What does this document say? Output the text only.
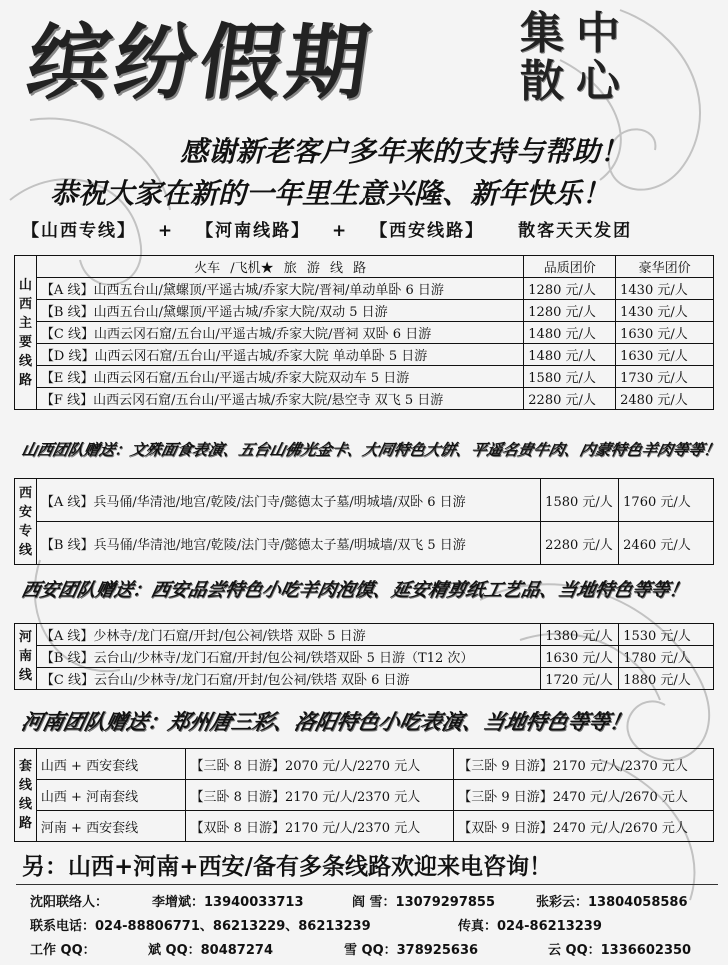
缤纷假期	集中
散心
感谢新老客户多年来的支持与帮助！
恭祝大家在新的一年里生意兴隆、新年快乐！
【山西专线】 + 【河南线路】 + 【西安线路】 散客天天发团
山西主要线路	火车 /飞机★ 旅 游 线 路	品质团价	豪华团价
	【A 线】山西五台山/黛螺顶/平遥古城/乔家大院/晋祠/单动单卧 6 日游	1280 元/人	1430 元/人
	【B 线】山西五台山/黛螺顶/平遥古城/乔家大院/双动 5 日游	1280 元/人	1430 元/人
	【C 线】山西云冈石窟/五台山/平遥古城/乔家大院/晋祠 双卧 6 日游	1480 元/人	1630 元/人
	【D 线】山西云冈石窟/五台山/平遥古城/乔家大院 单动单卧 5 日游	1480 元/人	1630 元/人
	【E 线】山西云冈石窟/五台山/平遥古城/乔家大院双动车 5 日游	1580 元/人	1730 元/人
	【F 线】山西云冈石窟/五台山/平遥古城/乔家大院/悬空寺 双飞 5 日游	2280 元/人	2480 元/人
山西团队赠送：文殊面食表演、五台山佛光金卡、大同特色大饼、平遥名贵牛肉、内蒙特色羊肉等等！
西安专线	【A 线】兵马俑/华清池/地宫/乾陵/法门寺/懿德太子墓/明城墙/双卧 6 日游	1580 元/人	1760 元/人
	【B 线】兵马俑/华清池/地宫/乾陵/法门寺/懿德太子墓/明城墙/双飞 5 日游	2280 元/人	2460 元/人
西安团队赠送：西安品尝特色小吃羊肉泡馍、延安精剪纸工艺品、当地特色等等！
河南线	【A 线】少林寺/龙门石窟/开封/包公祠/铁塔 双卧 5 日游	1380 元/人	1530 元/人
	【B 线】云台山/少林寺/龙门石窟/开封/包公祠/铁塔双卧 5 日游（T12 次）	1630 元/人	1780 元/人
	【C 线】云台山/少林寺/龙门石窟/开封/包公祠/铁塔 双卧 6 日游	1720 元/人	1880 元/人
河南团队赠送：郑州唐三彩、洛阳特色小吃表演、当地特色等等！
套线线路	山西 + 西安套线	【三卧 8 日游】2070 元/人/2270 元人	【三卧 9 日游】2170 元/人/2370 元人
	山西 + 河南套线	【三卧 8 日游】2170 元/人/2370 元人	【三卧 9 日游】2470 元/人/2670 元人
	河南 + 西安套线	【双卧 8 日游】2170 元/人/2370 元人	【双卧 9 日游】2470 元/人/2670 元人
另：山西+河南+西安/备有多条线路欢迎来电咨询！
沈阳联络人：	李增斌：13940033713	阎 雪：13079297855	张彩云：13804058586
联系电话：024-88806771、86213229、86213239	传真：024-86213239
工作 QQ：	斌 QQ：80487274	雪 QQ：378925636	云 QQ：1336602350
